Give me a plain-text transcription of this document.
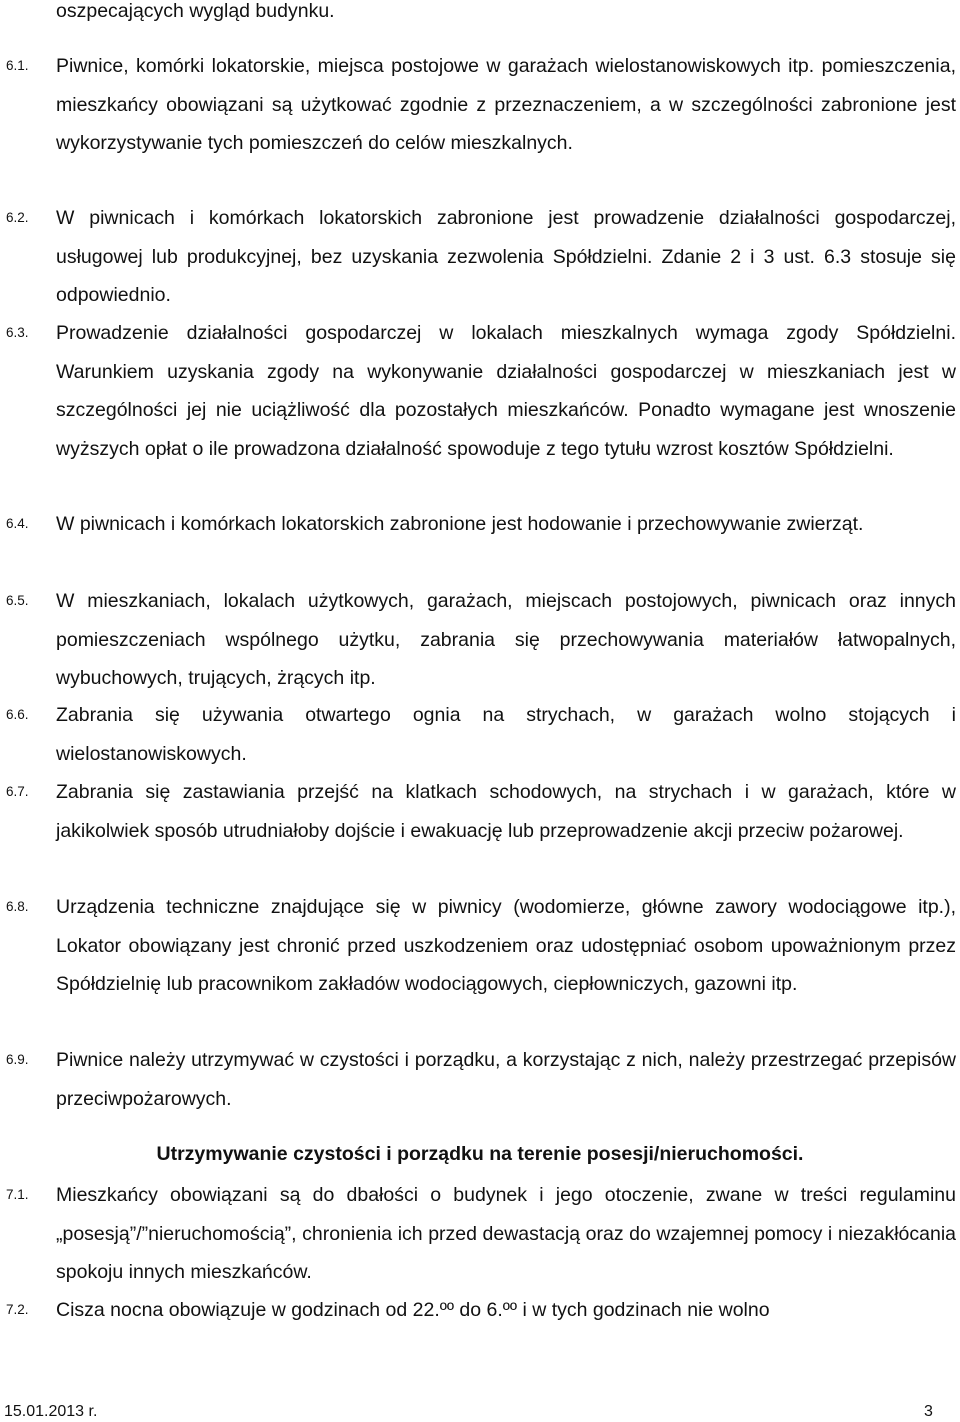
oszpecających wygląd budynku.
6.1. Piwnice, komórki lokatorskie, miejsca postojowe w garażach wielostanowiskowych itp. pomieszczenia, mieszkańcy obowiązani są użytkować zgodnie z przeznaczeniem, a w szczególności zabronione jest wykorzystywanie tych pomieszczeń do celów mieszkalnych.
6.2. W piwnicach i komórkach lokatorskich zabronione jest prowadzenie działalności gospodarczej, usługowej lub produkcyjnej, bez uzyskania zezwolenia Spółdzielni. Zdanie 2 i 3 ust. 6.3 stosuje się odpowiednio.
6.3. Prowadzenie działalności gospodarczej w lokalach mieszkalnych wymaga zgody Spółdzielni. Warunkiem uzyskania zgody na wykonywanie działalności gospodarczej w mieszkaniach jest w szczególności jej nie uciążliwość dla pozostałych mieszkańców. Ponadto wymagane jest wnoszenie wyższych opłat o ile prowadzona działalność spowoduje z tego tytułu wzrost kosztów Spółdzielni.
6.4. W piwnicach i komórkach lokatorskich zabronione jest hodowanie i przechowywanie zwierząt.
6.5. W mieszkaniach, lokalach użytkowych, garażach, miejscach postojowych, piwnicach oraz innych pomieszczeniach wspólnego użytku, zabrania się przechowywania materiałów łatwopalnych, wybuchowych, trujących, żrących itp.
6.6. Zabrania się używania otwartego ognia na strychach, w garażach wolno stojących i wielostanowiskowych.
6.7. Zabrania się zastawiania przejść na klatkach schodowych, na strychach i w garażach, które w jakikolwiek sposób utrudniałoby dojście i ewakuację lub przeprowadzenie akcji przeciw pożarowej.
6.8. Urządzenia techniczne znajdujące się w piwnicy (wodomierze, główne zawory wodociągowe itp.), Lokator obowiązany jest chronić przed uszkodzeniem oraz udostępniać osobom upoważnionym przez Spółdzielnię lub pracownikom zakładów wodociągowych, ciepłowniczych, gazowni itp.
6.9. Piwnice należy utrzymywać w czystości i porządku, a korzystając z nich, należy przestrzegać przepisów przeciwpożarowych.
Utrzymywanie czystości i porządku na terenie posesji/nieruchomości.
7.1. Mieszkańcy obowiązani są do dbałości o budynek i jego otoczenie, zwane w treści regulaminu „posesją”/”nieruchomością”, chronienia ich przed dewastacją oraz do wzajemnej pomocy i niezakłócania spokoju innych mieszkańców.
7.2. Cisza nocna obowiązuje w godzinach od 22.ºº do 6.ºº i w tych godzinach nie wolno
15.01.2013 r.	3
